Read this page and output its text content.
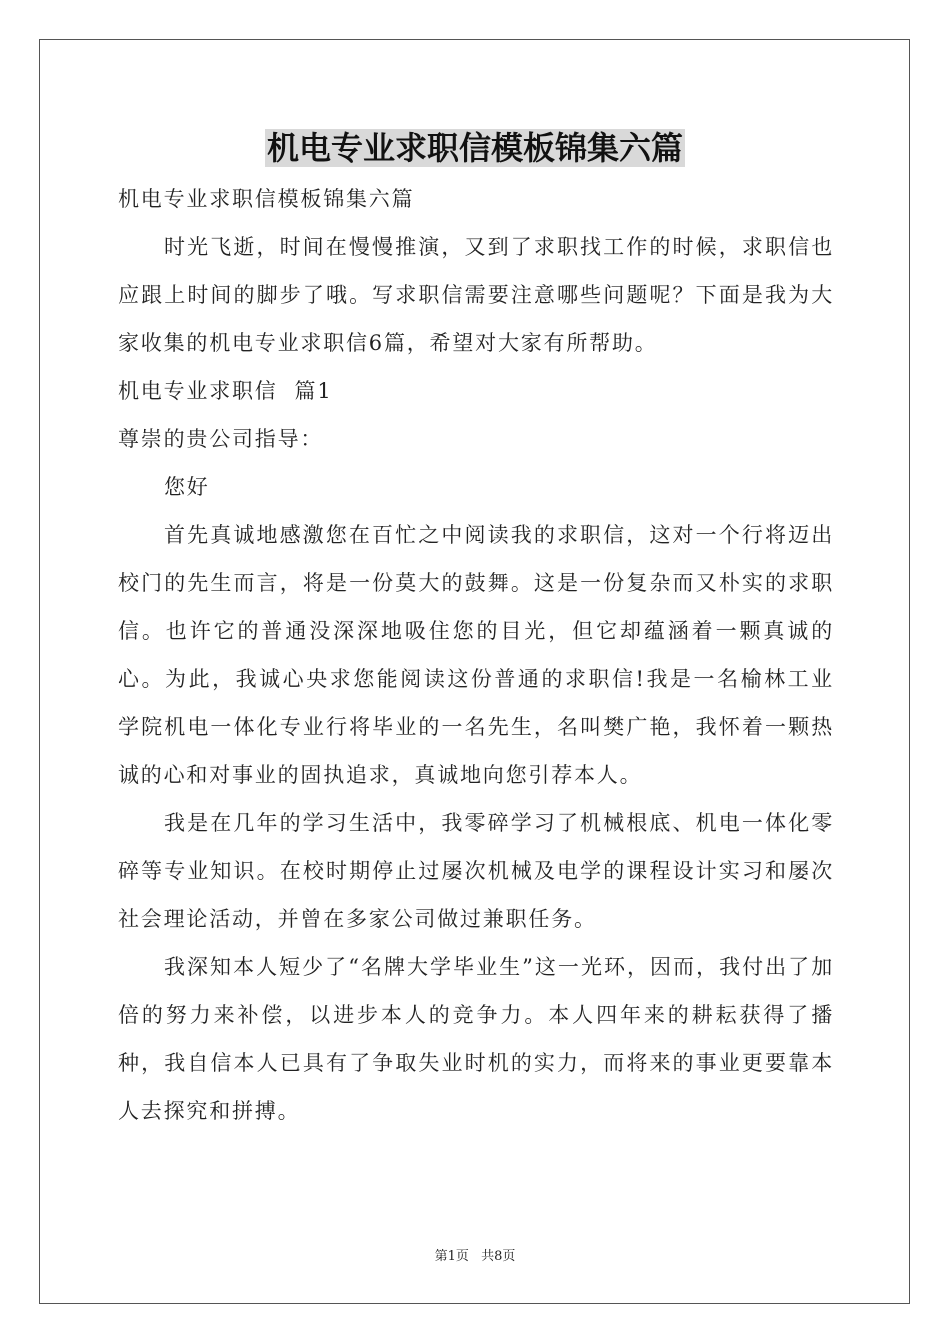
机电专业求职信模板锦集六篇

机电专业求职信模板锦集六篇

时光飞逝，时间在慢慢推演，又到了求职找工作的时候，求职信也应跟上时间的脚步了哦。写求职信需要注意哪些问题呢？下面是我为大家收集的机电专业求职信6篇，希望对大家有所帮助。

机电专业求职信  篇1

尊崇的贵公司指导：

您好

首先真诚地感激您在百忙之中阅读我的求职信，这对一个行将迈出校门的先生而言，将是一份莫大的鼓舞。这是一份复杂而又朴实的求职信。也许它的普通没深深地吸住您的目光，但它却蕴涵着一颗真诚的心。为此，我诚心央求您能阅读这份普通的求职信!我是一名榆林工业学院机电一体化专业行将毕业的一名先生，名叫樊广艳，我怀着一颗热诚的心和对事业的固执追求，真诚地向您引荐本人。

我是在几年的学习生活中，我零碎学习了机械根底、机电一体化零碎等专业知识。在校时期停止过屡次机械及电学的课程设计实习和屡次社会理论活动，并曾在多家公司做过兼职任务。

我深知本人短少了“名牌大学毕业生”这一光环，因而，我付出了加倍的努力来补偿，以进步本人的竞争力。本人四年来的耕耘获得了播种，我自信本人已具有了争取失业时机的实力，而将来的事业更要靠本人去探究和拼搏。

第1页 共8页
